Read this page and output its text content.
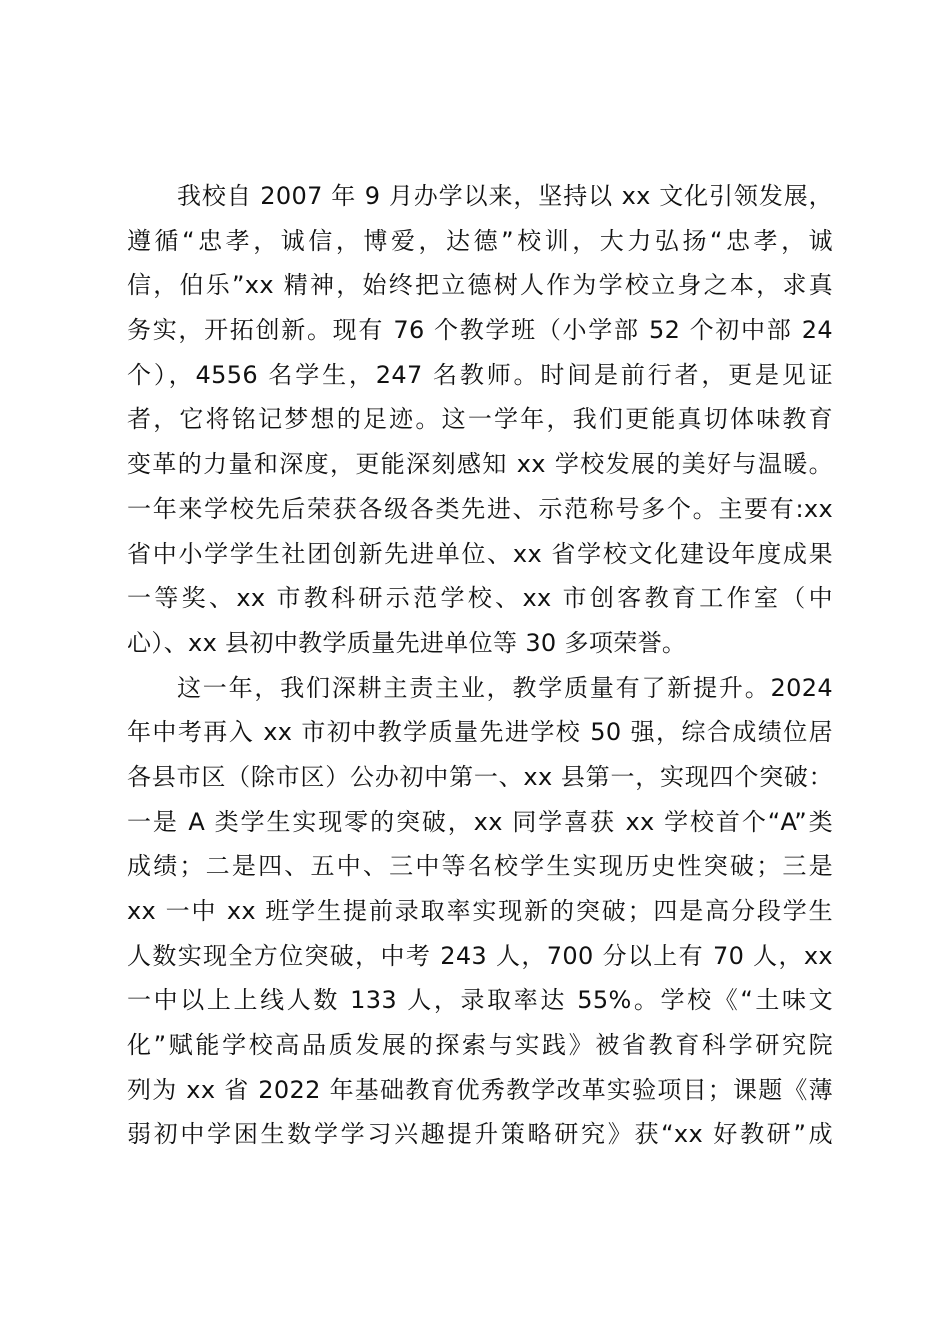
我校自 2007 年 9 月办学以来，坚持以 xx 文化引领发展，
遵循“忠孝，诚信，博爱，达德”校训，大力弘扬“忠孝，诚
信，伯乐”xx 精神，始终把立德树人作为学校立身之本，求真
务实，开拓创新。现有 76 个教学班（小学部 52 个初中部 24
个），4556 名学生，247 名教师。时间是前行者，更是见证
者，它将铭记梦想的足迹。这一学年，我们更能真切体味教育
变革的力量和深度，更能深刻感知 xx 学校发展的美好与温暖。
一年来学校先后荣获各级各类先进、示范称号多个。主要有:xx
省中小学学生社团创新先进单位、xx 省学校文化建设年度成果
一等奖、xx 市教科研示范学校、xx 市创客教育工作室（中
心）、xx 县初中教学质量先进单位等 30 多项荣誉。
这一年，我们深耕主责主业，教学质量有了新提升。2024
年中考再入 xx 市初中教学质量先进学校 50 强，综合成绩位居
各县市区（除市区）公办初中第一、xx 县第一，实现四个突破：
一是 A 类学生实现零的突破，xx 同学喜获 xx 学校首个“A”类
成绩；二是四、五中、三中等名校学生实现历史性突破；三是
xx 一中 xx 班学生提前录取率实现新的突破；四是高分段学生
人数实现全方位突破，中考 243 人，700 分以上有 70 人，xx
一中以上上线人数 133 人，录取率达 55%。学校《“土味文
化”赋能学校高品质发展的探索与实践》被省教育科学研究院
列为 xx 省 2022 年基础教育优秀教学改革实验项目；课题《薄
弱初中学困生数学学习兴趣提升策略研究》获“xx 好教研”成
